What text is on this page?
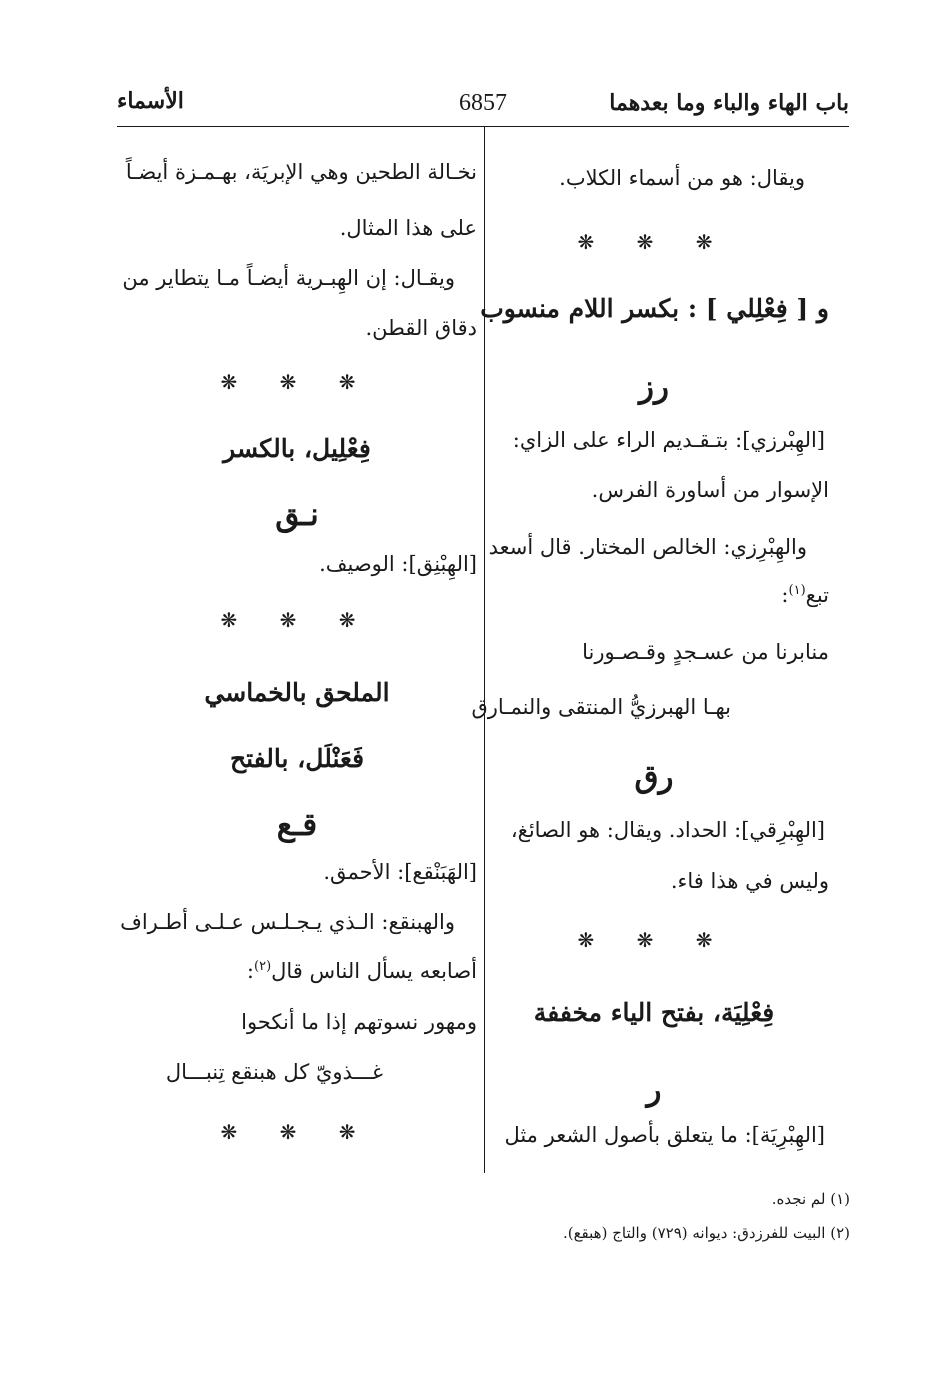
باب الهاء والباء وما بعدهما
6857
الأسماء
ويقال: هو من أسماء الكلاب.
❋ ❋ ❋
و [ فِعْلِلي ] : بكسر اللام منسوب
رز
[الهِبْرزي]: بتـقـديم الراء على الزاي:
الإسوار من أساورة الفرس.
والهِبْرِزي: الخالص المختار. قال أسعد
تبع$^{(١)}$:
منابرنا من عسـجدٍ وقـصـورنا
بهـا الهبرزيُّ المنتقى والنمـارق
رق
[الهِبْرِقي]: الحداد. ويقال: هو الصائغ،
وليس في هذا فاء.
❋ ❋ ❋
فِعْلِيَة، بفتح الياء مخففة
ر
[الهِبْرِيَة]: ما يتعلق بأصول الشعر مثل
نخـالة الطحين وهي الإبريَة، بهـمـزة أيضـاً
على هذا المثال.
ويقـال: إن الهِبـرية أيضـاً مـا يتطاير من
دقاق القطن.
❋ ❋ ❋
فِعْلِيل، بالكسر
نـق
[الهِبْنِق]: الوصيف.
❋ ❋ ❋
الملحق بالخماسي
فَعَنْلَل، بالفتح
قـع
[الهَبَنْقع]: الأحمق.
والهبنقع: الـذي يـجـلـس عـلـى أطـراف
أصابعه يسأل الناس قال$^{(٢)}$:
ومهور نسوتهم إذا ما أنكحوا
غـــذويّ كل هبنقع تِنبـــال
❋ ❋ ❋
(١) لم نجده.
(٢) البيت للفرزدق: ديوانه (٧٢٩) والتاج (هبقع).
